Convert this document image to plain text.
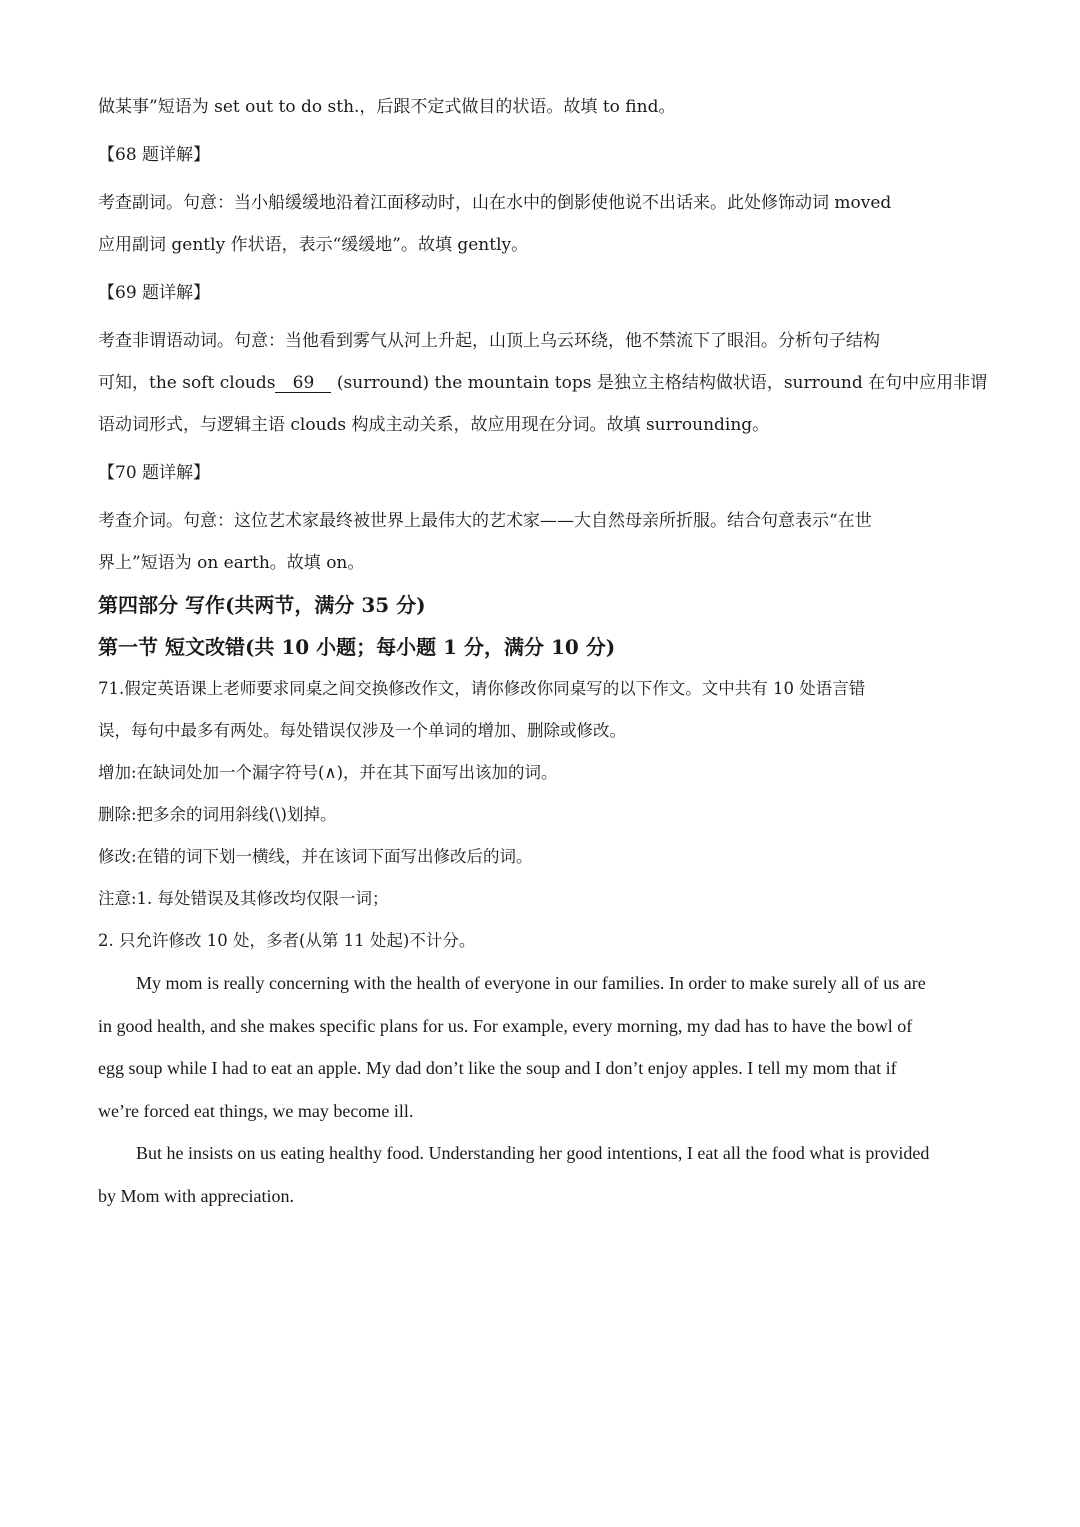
做某事”短语为 set out to do sth.，后跟不定式做目的状语。故填 to find。

【68 题详解】

考查副词。句意：当小船缓缓地沿着江面移动时，山在水中的倒影使他说不出话来。此处修饰动词 moved

应用副词 gently 作状语，表示“缓缓地”。故填 gently。

【69 题详解】

考查非谓语动词。句意：当他看到雾气从河上升起，山顶上乌云环绕，他不禁流下了眼泪。分析句子结构

可知，the soft clouds 69 (surround) the mountain tops 是独立主格结构做状语，surround 在句中应用非谓

语动词形式，与逻辑主语 clouds 构成主动关系，故应用现在分词。故填 surrounding。

【70 题详解】

考查介词。句意：这位艺术家最终被世界上最伟大的艺术家——大自然母亲所折服。结合句意表示“在世

界上”短语为 on earth。故填 on。

第四部分 写作(共两节，满分 35 分)

第一节 短文改错(共 10 小题；每小题 1 分，满分 10 分)

71.假定英语课上老师要求同桌之间交换修改作文，请你修改你同桌写的以下作文。文中共有 10 处语言错

误，每句中最多有两处。每处错误仅涉及一个单词的增加、删除或修改。

增加:在缺词处加一个漏字符号(∧)，并在其下面写出该加的词。

删除:把多余的词用斜线(\)划掉。

修改:在错的词下划一横线，并在该词下面写出修改后的词。

注意:1. 每处错误及其修改均仅限一词；

2. 只允许修改 10 处，多者(从第 11 处起)不计分。

My mom is really concerning with the health of everyone in our families. In order to make surely all of us are

in good health, and she makes specific plans for us. For example, every morning, my dad has to have the bowl of

egg soup while I had to eat an apple. My dad don’t like the soup and I don’t enjoy apples. I tell my mom that if

we’re forced eat things, we may become ill.

But he insists on us eating healthy food. Understanding her good intentions, I eat all the food what is provided

by Mom with appreciation.
